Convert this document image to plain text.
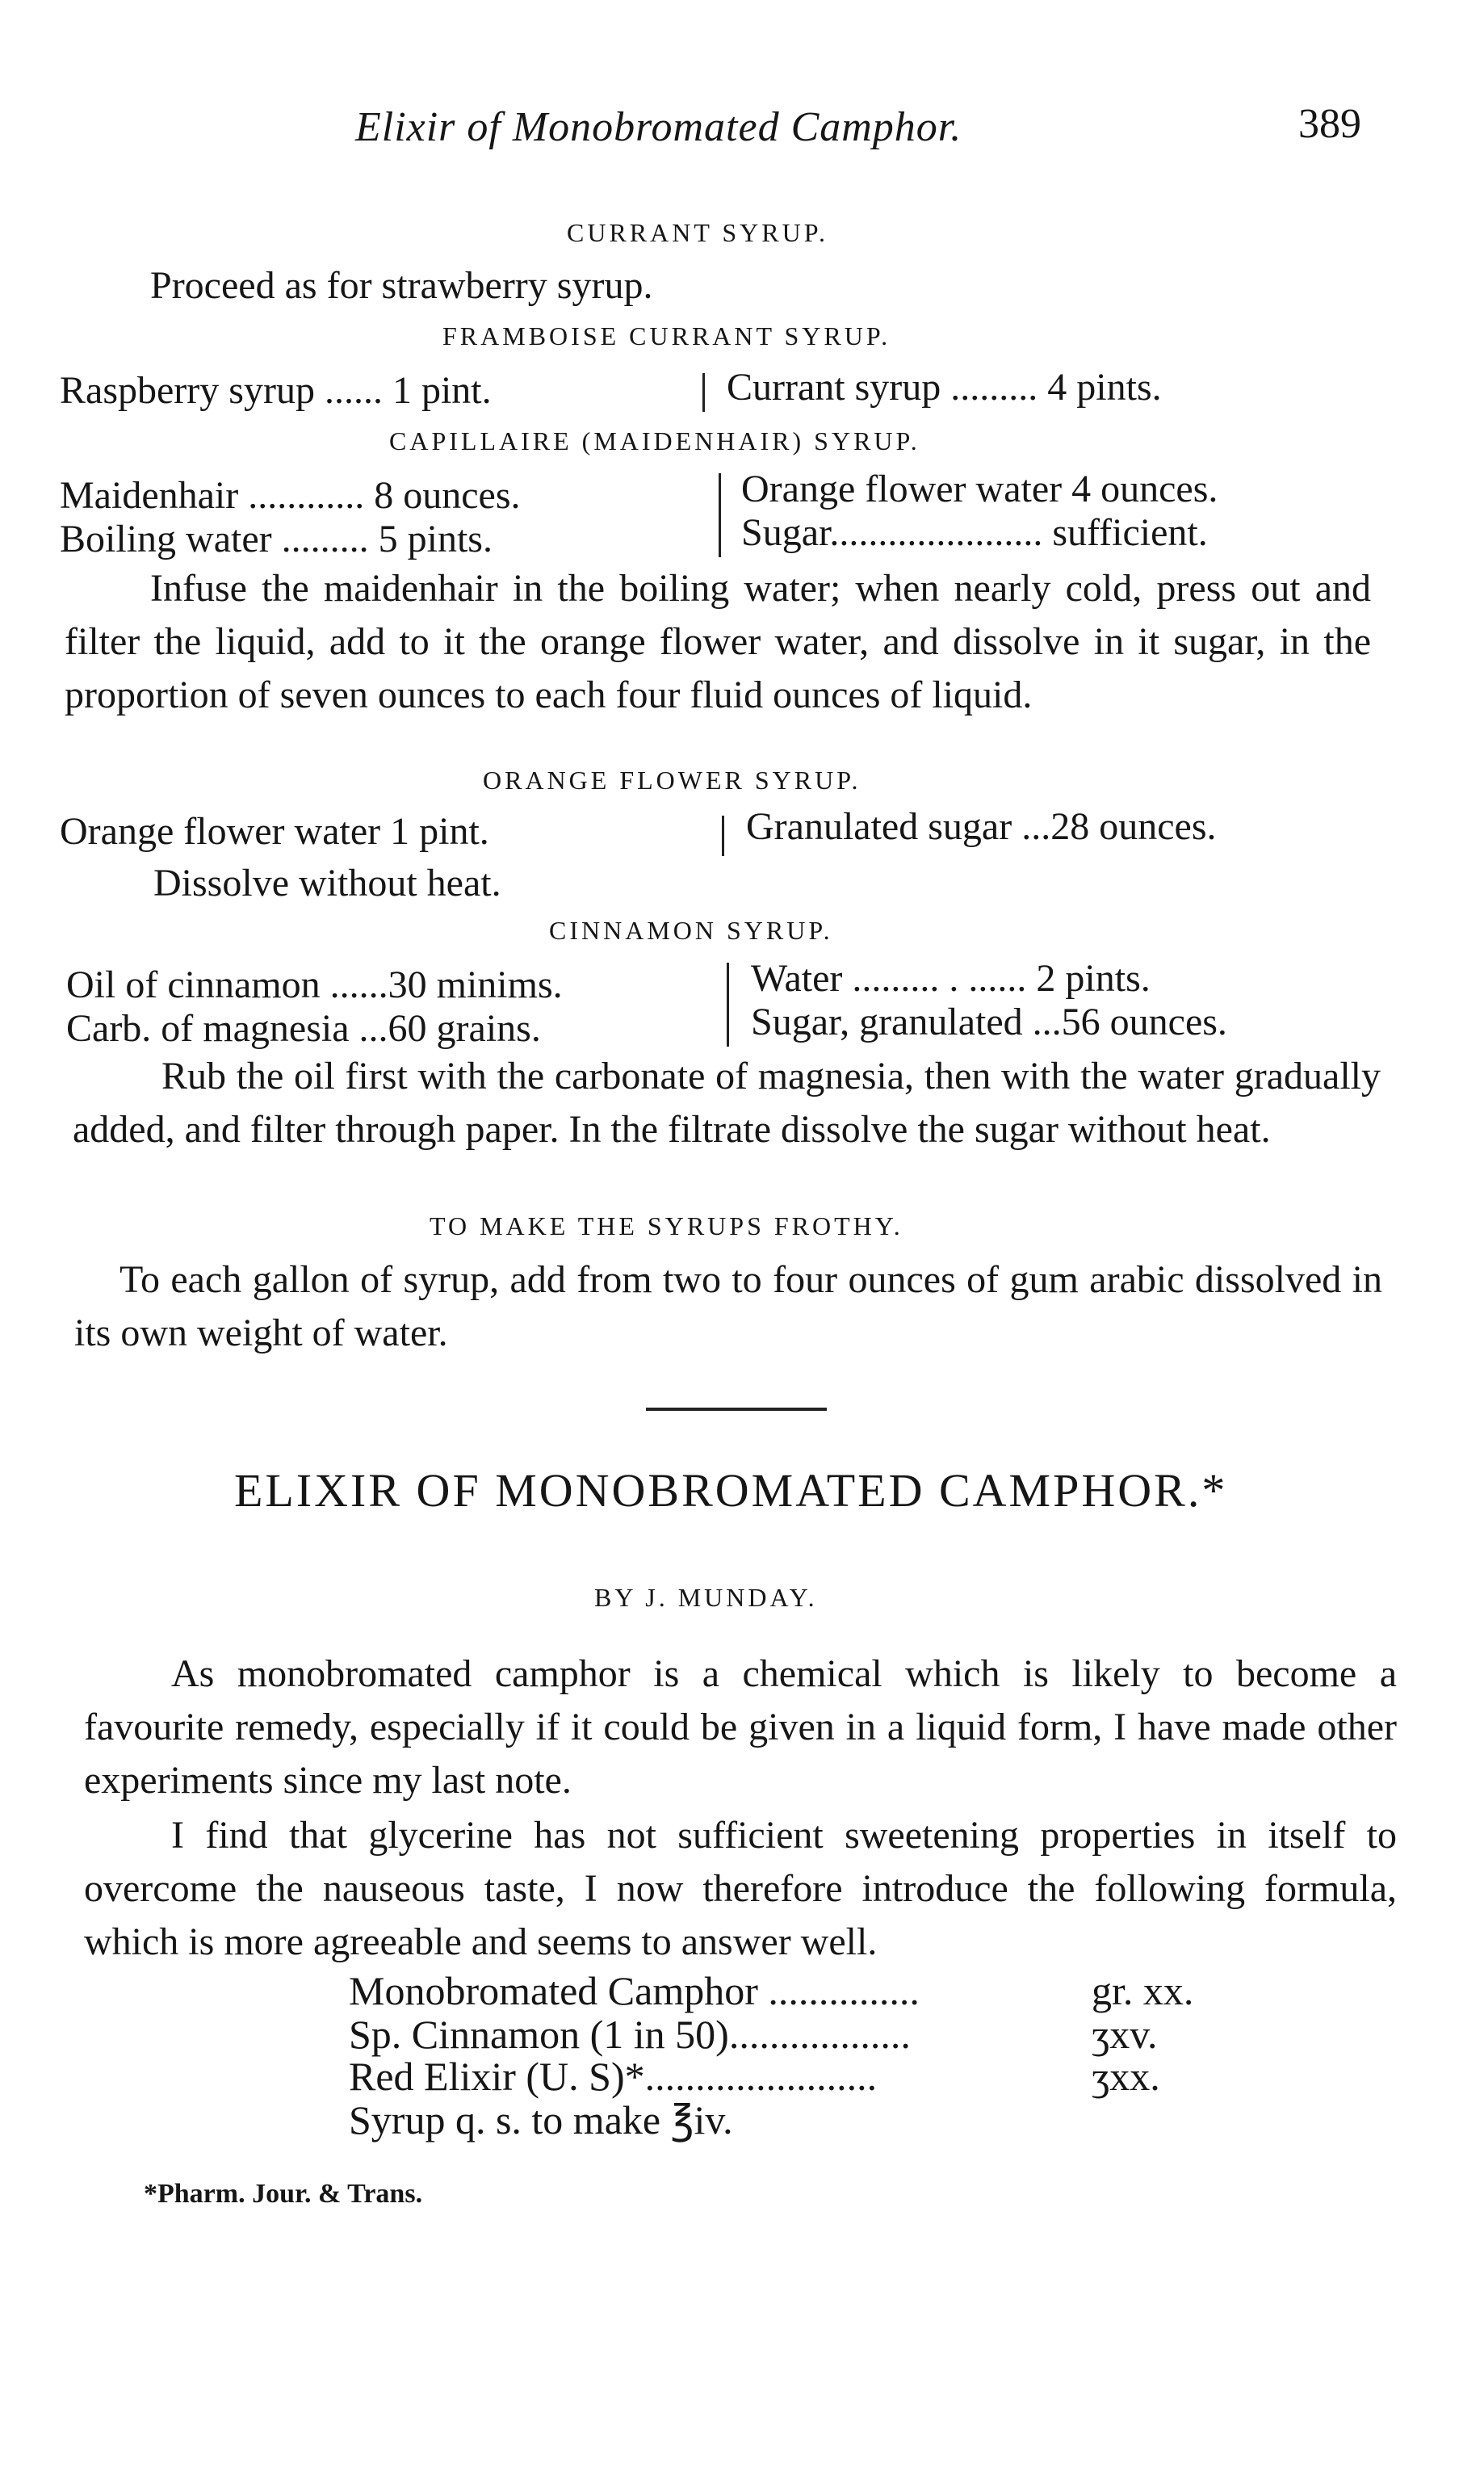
Elixir of Monobromated Camphor.	389
CURRANT SYRUP.
Proceed as for strawberry syrup.
FRAMBOISE CURRANT SYRUP.
Raspberry syrup ...... 1 pint.	Currant syrup ......... 4 pints.
CAPILLAIRE (MAIDENHAIR) SYRUP.
Maidenhair ............ 8 ounces.
Boiling water ......... 5 pints.
Orange flower water 4 ounces.
Sugar...................... sufficient.
Infuse the maidenhair in the boiling water; when nearly cold, press out and filter the liquid, add to it the orange flower water, and dissolve in it sugar, in the proportion of seven ounces to each four fluid ounces of liquid.
ORANGE FLOWER SYRUP.
Orange flower water 1 pint.	Granulated sugar ...28 ounces.
Dissolve without heat.
CINNAMON SYRUP.
Oil of cinnamon ......30 minims.
Carb. of magnesia ...60 grains.
Water ......... . ...... 2 pints.
Sugar, granulated ...56 ounces.
Rub the oil first with the carbonate of magnesia, then with the water gradually added, and filter through paper. In the filtrate dissolve the sugar without heat.
TO MAKE THE SYRUPS FROTHY.
To each gallon of syrup, add from two to four ounces of gum arabic dissolved in its own weight of water.
ELIXIR OF MONOBROMATED CAMPHOR.*
BY J. MUNDAY.
As monobromated camphor is a chemical which is likely to become a favourite remedy, especially if it could be given in a liquid form, I have made other experiments since my last note.
I find that glycerine has not sufficient sweetening properties in itself to overcome the nauseous taste, I now therefore introduce the following formula, which is more agreeable and seems to answer well.
Monobromated Camphor ...............	gr. xx.
Sp. Cinnamon (1 in 50)..................	ʒxv.
Red Elixir (U. S)*.......................	ʒxx.
Syrup q. s. to make ℥iv.
*Pharm. Jour. & Trans.
